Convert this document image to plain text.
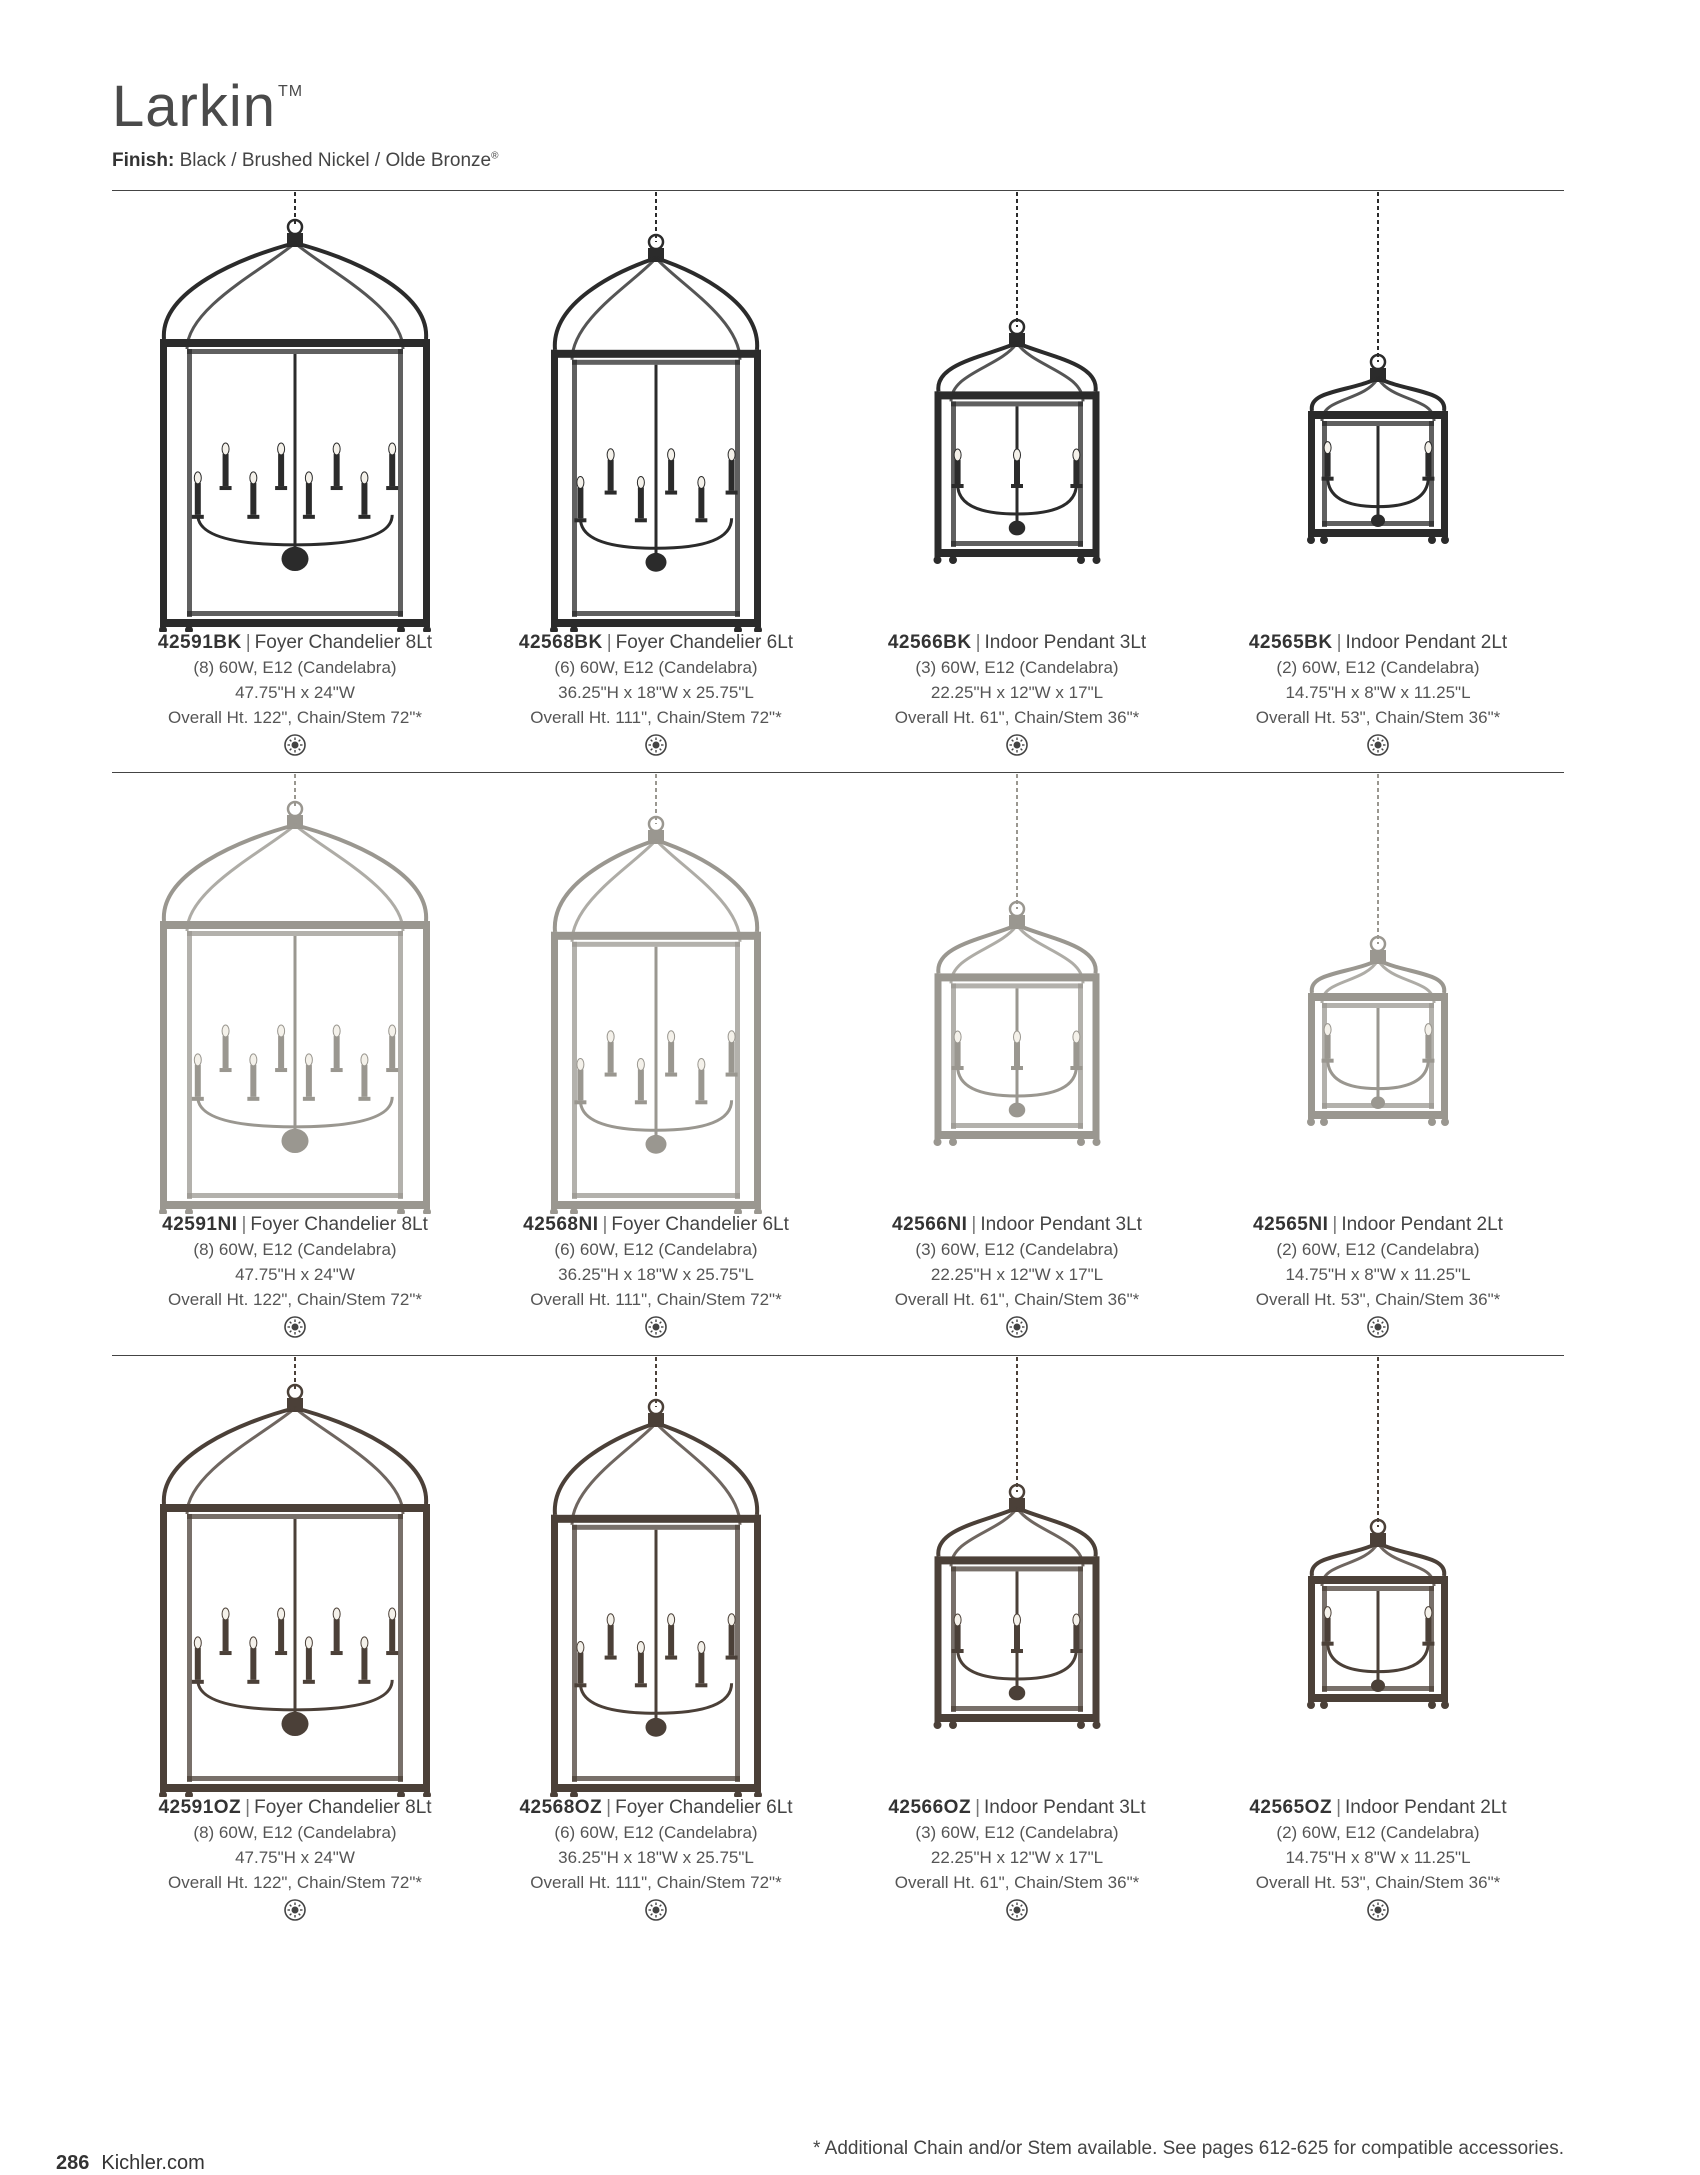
Larkin ™
Finish: Black / Brushed Nickel / Olde Bronze®
42591BK | Foyer Chandelier 8Lt
(8) 60W, E12 (Candelabra)
47.75"H x 24"W
Overall Ht. 122", Chain/Stem 72"*
42568BK | Foyer Chandelier 6Lt
(6) 60W, E12 (Candelabra)
36.25"H x 18"W x 25.75"L
Overall Ht. 111", Chain/Stem 72"*
42566BK | Indoor Pendant 3Lt
(3) 60W, E12 (Candelabra)
22.25"H x 12"W x 17"L
Overall Ht. 61", Chain/Stem 36"*
42565BK | Indoor Pendant 2Lt
(2) 60W, E12 (Candelabra)
14.75"H x 8"W x 11.25"L
Overall Ht. 53", Chain/Stem 36"*
42591NI | Foyer Chandelier 8Lt
(8) 60W, E12 (Candelabra)
47.75"H x 24"W
Overall Ht. 122", Chain/Stem 72"*
42568NI | Foyer Chandelier 6Lt
(6) 60W, E12 (Candelabra)
36.25"H x 18"W x 25.75"L
Overall Ht. 111", Chain/Stem 72"*
42566NI | Indoor Pendant 3Lt
(3) 60W, E12 (Candelabra)
22.25"H x 12"W x 17"L
Overall Ht. 61", Chain/Stem 36"*
42565NI | Indoor Pendant 2Lt
(2) 60W, E12 (Candelabra)
14.75"H x 8"W x 11.25"L
Overall Ht. 53", Chain/Stem 36"*
42591OZ | Foyer Chandelier 8Lt
(8) 60W, E12 (Candelabra)
47.75"H x 24"W
Overall Ht. 122", Chain/Stem 72"*
42568OZ | Foyer Chandelier 6Lt
(6) 60W, E12 (Candelabra)
36.25"H x 18"W x 25.75"L
Overall Ht. 111", Chain/Stem 72"*
42566OZ | Indoor Pendant 3Lt
(3) 60W, E12 (Candelabra)
22.25"H x 12"W x 17"L
Overall Ht. 61", Chain/Stem 36"*
42565OZ | Indoor Pendant 2Lt
(2) 60W, E12 (Candelabra)
14.75"H x 8"W x 11.25"L
Overall Ht. 53", Chain/Stem 36"*
286 Kichler.com
* Additional Chain and/or Stem available. See pages 612-625 for compatible accessories.
